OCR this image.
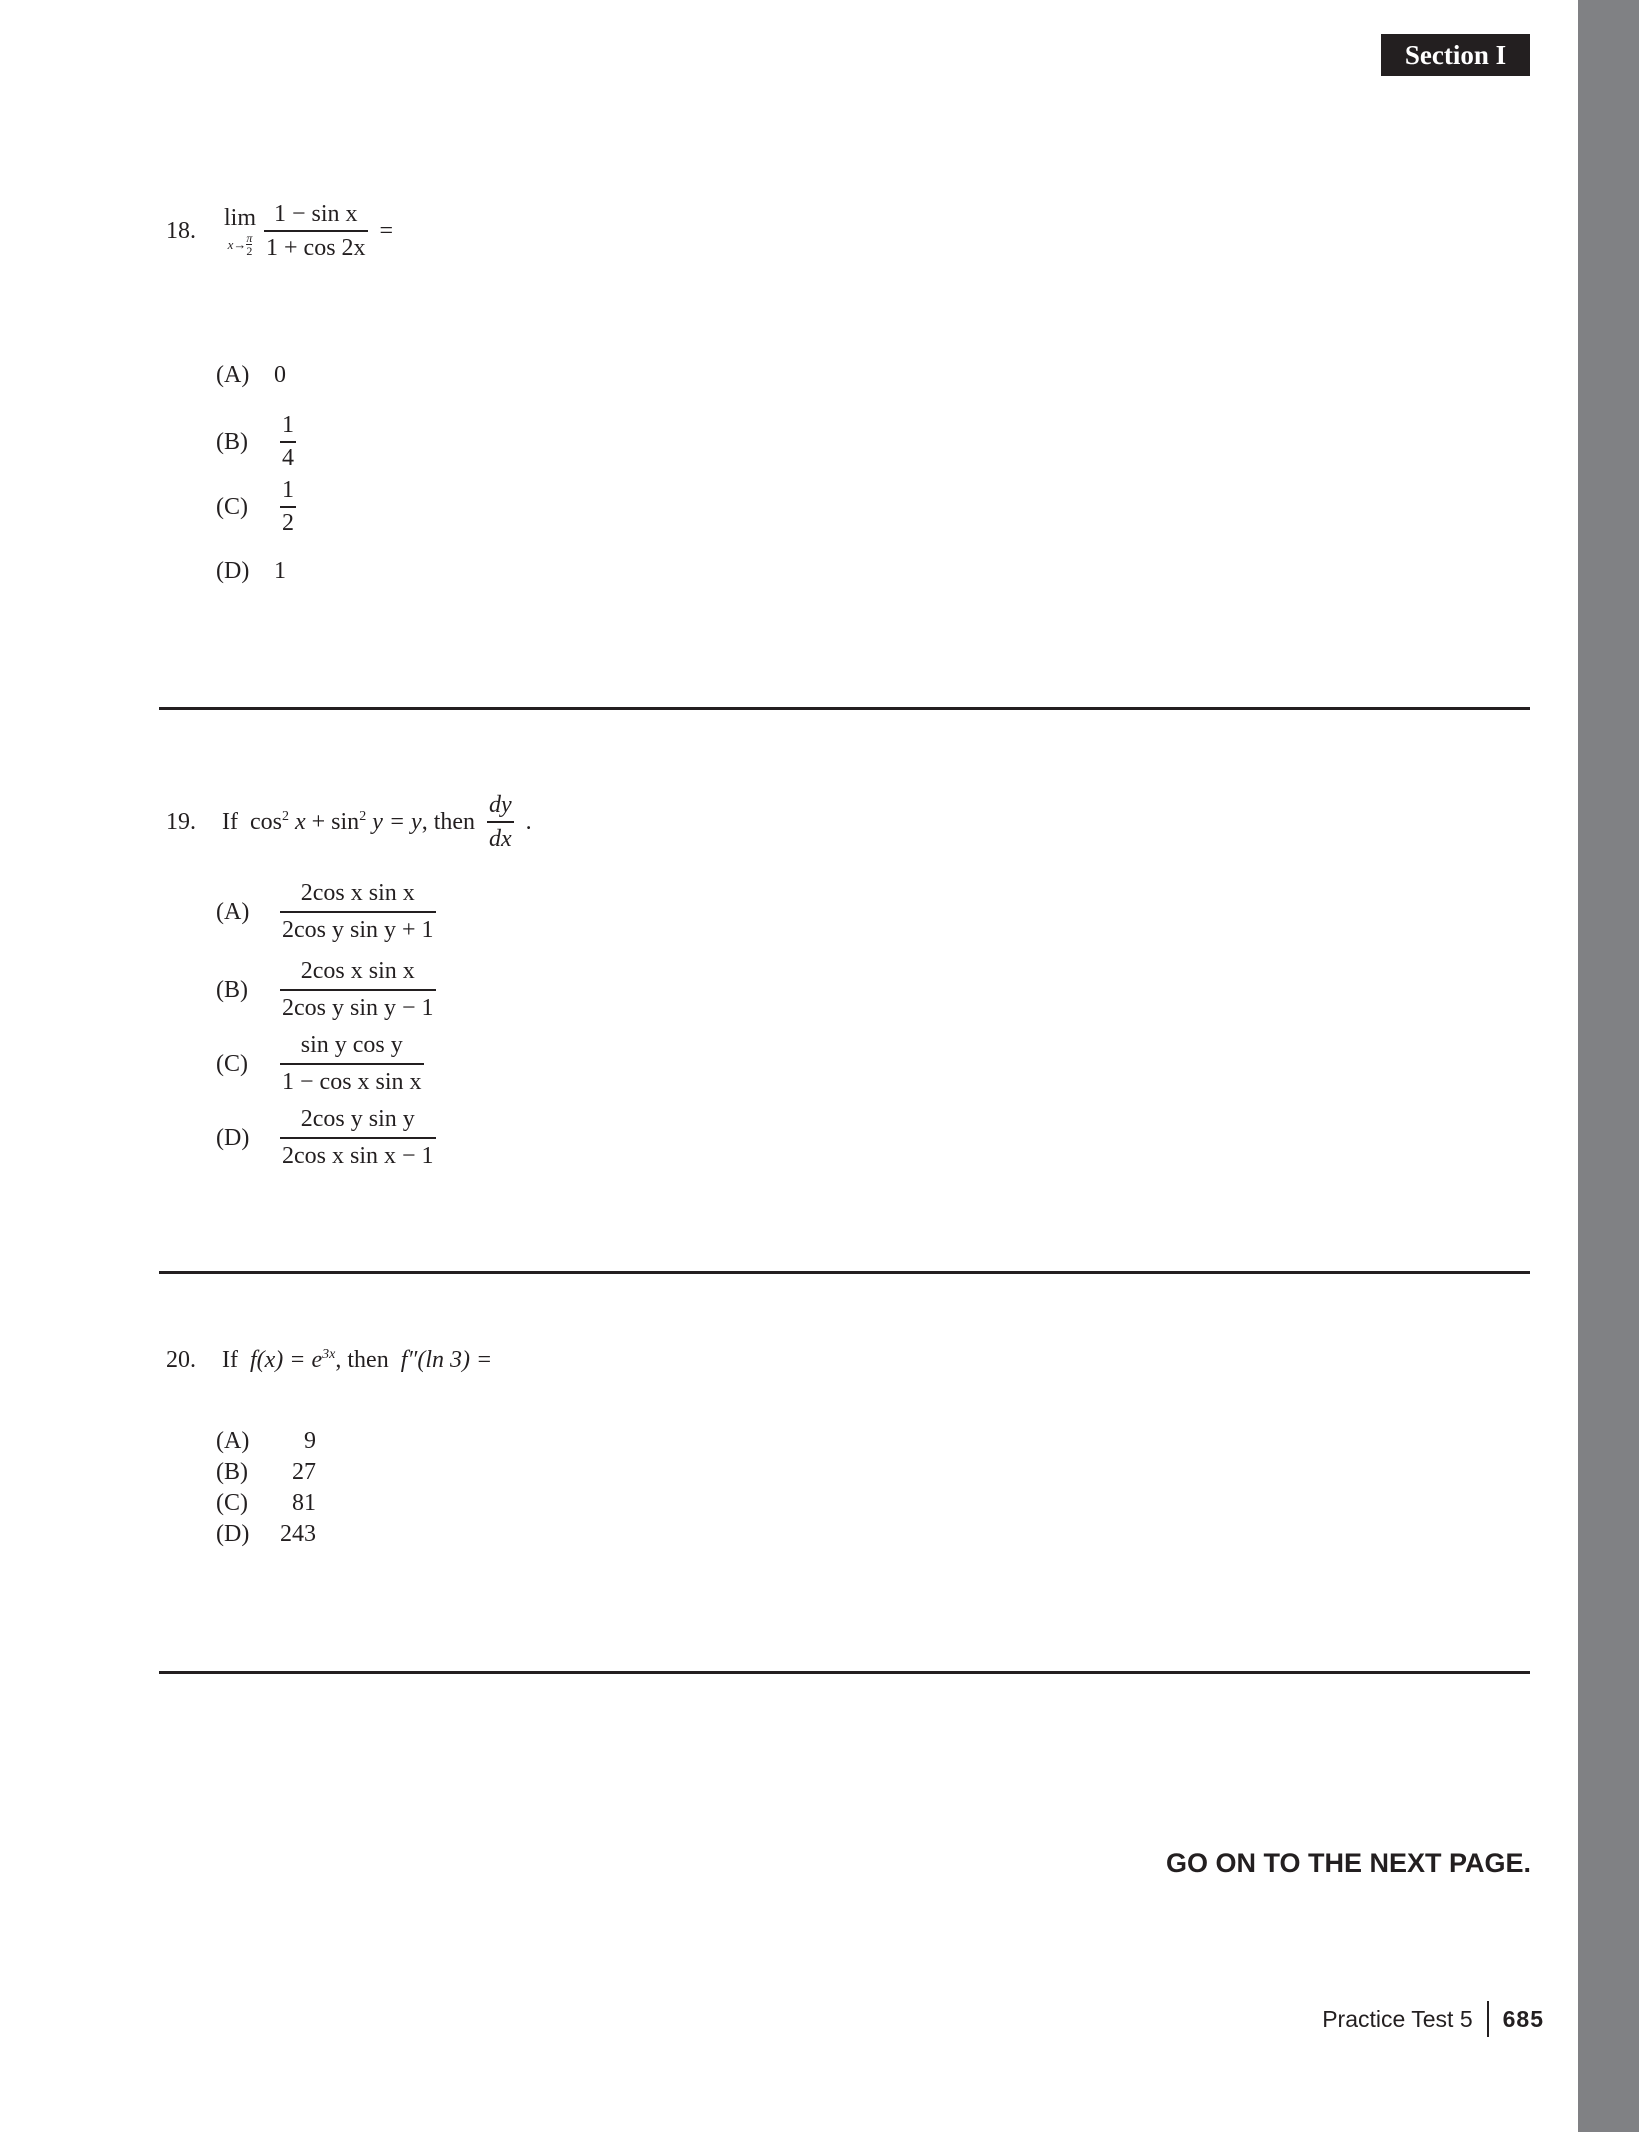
Section I
18.
lim
x → π
2
$\frac{\text{1 − sin x}}{1 + \cos 2x}$ =
(A) 0
$(B) \frac{1}{4}$
$(C) \frac{1}{2}$
(D) 1
19. If $\cos^2 x + \sin^2 y = y$, then $\frac{dy}{dx}$ .
$(A) \frac{\text{2cos x sin x}}{\text{2cos y sin y + 1}}$
$(B) \frac{\text{2cos x sin x}}{\text{2cos y sin y − 1}}$
$(C) \frac{\text{sin y cos y}}{\text{1 − cos x sin x}}$
$(D) \frac{\text{2cos y sin y}}{\text{2cos x sin x − 1}}$
20. If $f(x) = e^{3x}$, then f″(ln 3) =
(A) 9
(B) 27
(C) 81
(D) 243
GO ON TO THE NEXT PAGE.
Practice Test 5 685
